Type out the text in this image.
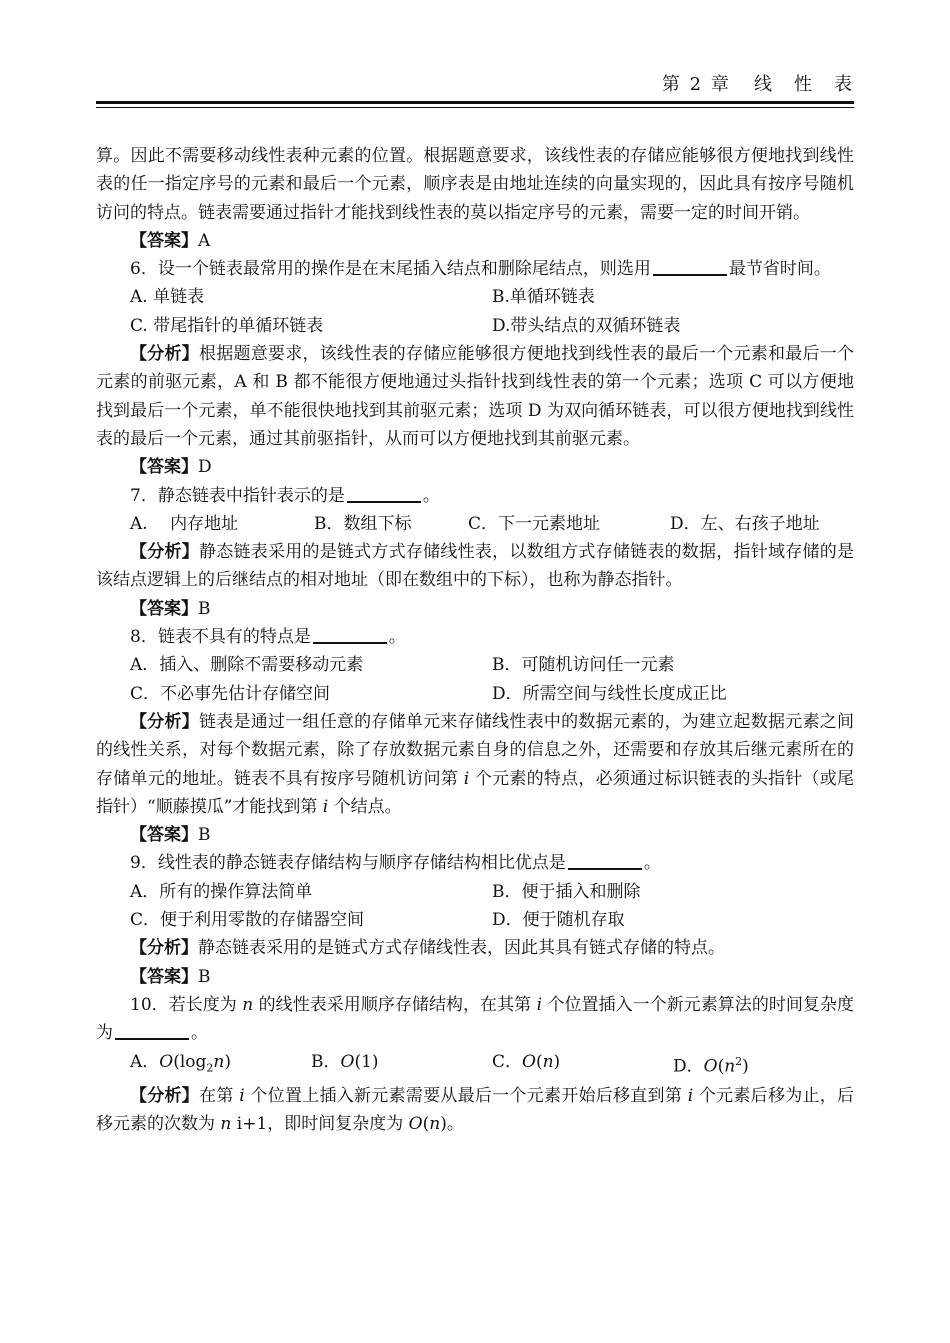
第 2 章 线　性　表

算。因此不需要移动线性表种元素的位置。根据题意要求，该线性表的存储应能够很方便地找到线性表的任一指定序号的元素和最后一个元素，顺序表是由地址连续的向量实现的，因此具有按序号随机访问的特点。链表需要通过指针才能找到线性表的莫以指定序号的元素，需要一定的时间开销。

【答案】A

6．设一个链表最常用的操作是在末尾插入结点和删除尾结点，则选用	最节省时间。

A. 单链表	B.单循环链表
C. 带尾指针的单循环链表	D.带头结点的双循环链表

【分析】根据题意要求，该线性表的存储应能够很方便地找到线性表的最后一个元素和最后一个元素的前驱元素，A 和 B 都不能很方便地通过头指针找到线性表的第一个元素；选项 C 可以方便地找到最后一个元素，单不能很快地找到其前驱元素；选项 D 为双向循环链表，可以很方便地找到线性表的最后一个元素，通过其前驱指针，从而可以方便地找到其前驱元素。

【答案】D

7．静态链表中指针表示的是	。

A.　 内存地址	B．数组下标	C．下一元素地址	D．左、右孩子地址

【分析】静态链表采用的是链式方式存储线性表，以数组方式存储链表的数据，指针域存储的是该结点逻辑上的后继结点的相对地址（即在数组中的下标），也称为静态指针。

【答案】B

8．链表不具有的特点是	。

A．插入、删除不需要移动元素	B．可随机访问任一元素
C．不必事先估计存储空间	D．所需空间与线性长度成正比

【分析】链表是通过一组任意的存储单元来存储线性表中的数据元素的，为建立起数据元素之间的线性关系，对每个数据元素，除了存放数据元素自身的信息之外，还需要和存放其后继元素所在的存储单元的地址。链表不具有按序号随机访问第 i 个元素的特点，必须通过标识链表的头指针（或尾指针）“顺藤摸瓜”才能找到第 i 个结点。

【答案】B

9．线性表的静态链表存储结构与顺序存储结构相比优点是	。

A．所有的操作算法简单	B．便于插入和删除
C．便于利用零散的存储器空间	D．便于随机存取

【分析】静态链表采用的是链式方式存储线性表，因此其具有链式存储的特点。

【答案】B

10．若长度为 n 的线性表采用顺序存储结构，在其第 i 个位置插入一个新元素算法的时间复杂度为	。

A．$O(\log_2n)$	B．O(1)	C．O(n)	D．$O(n^2)$

【分析】在第 i 个位置上插入新元素需要从最后一个元素开始后移直到第 i 个元素后移为止，后移元素的次数为 n i+1，即时间复杂度为 O(n)。
